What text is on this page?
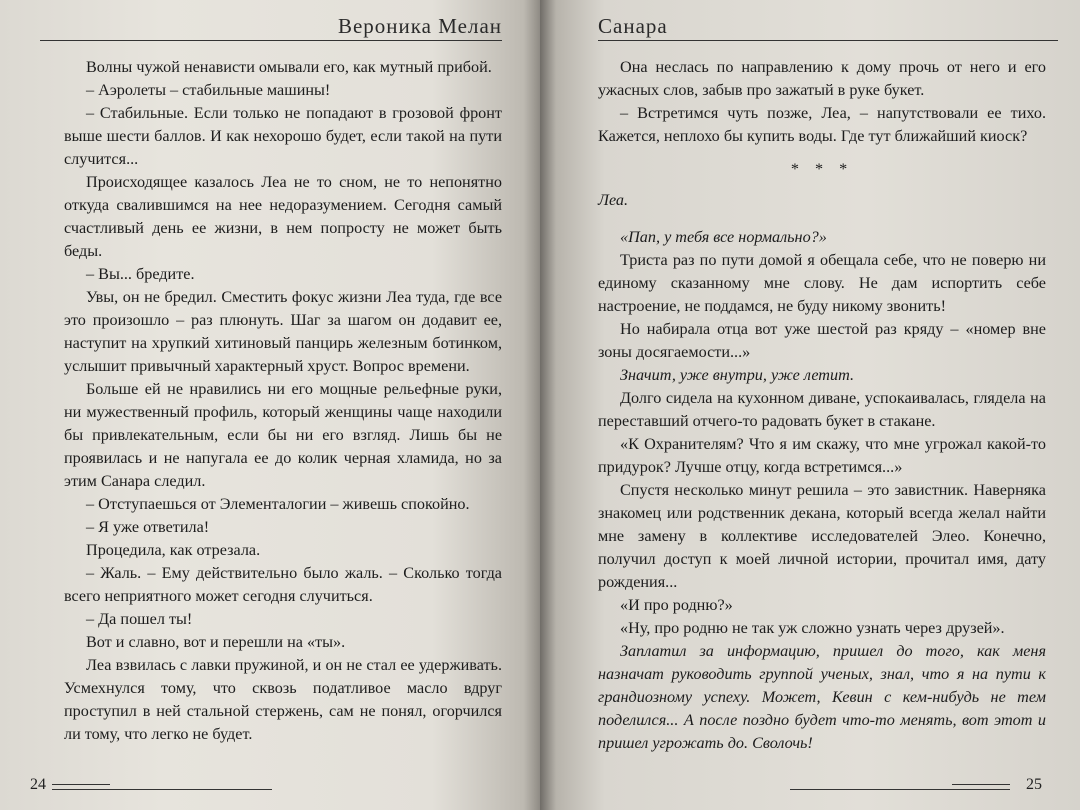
Вероника Мелан

Волны чужой ненависти омывали его, как мутный прибой.

– Аэролеты – стабильные машины!

– Стабильные. Если только не попадают в грозовой фронт выше шести баллов. И как нехорошо будет, если такой на пути случится...

Происходящее казалось Леа не то сном, не то непонятно откуда свалившимся на нее недоразумением. Сегодня самый счастливый день ее жизни, в нем попросту не может быть беды.

– Вы... бредите.

Увы, он не бредил. Сместить фокус жизни Леа туда, где все это произошло – раз плюнуть. Шаг за шагом он додавит ее, наступит на хрупкий хитиновый панцирь железным ботинком, услышит привычный характерный хруст. Вопрос времени.

Больше ей не нравились ни его мощные рельефные руки, ни мужественный профиль, который женщины чаще находили бы привлекательным, если бы ни его взгляд. Лишь бы не проявилась и не напугала ее до колик черная хламида, но за этим Санара следил.

– Отступаешься от Элементалогии – живешь спокойно.

– Я уже ответила!

Процедила, как отрезала.

– Жаль. – Ему действительно было жаль. – Сколько тогда всего неприятного может сегодня случиться.

– Да пошел ты!

Вот и славно, вот и перешли на «ты».

Леа взвилась с лавки пружиной, и он не стал ее удерживать. Усмехнулся тому, что сквозь податливое масло вдруг проступил в ней стальной стержень, сам не понял, огорчился ли тому, что легко не будет.

24
Санара

Она неслась по направлению к дому прочь от него и его ужасных слов, забыв про зажатый в руке букет.

– Встретимся чуть позже, Леа, – напутствовали ее тихо. Кажется, неплохо бы купить воды. Где тут ближайший киоск?

* * *

Леа.

«Пап, у тебя все нормально?»

Триста раз по пути домой я обещала себе, что не поверю ни единому сказанному мне слову. Не дам испортить себе настроение, не поддамся, не буду никому звонить!

Но набирала отца вот уже шестой раз кряду – «номер вне зоны досягаемости...»

Значит, уже внутри, уже летит.

Долго сидела на кухонном диване, успокаивалась, глядела на переставший отчего-то радовать букет в стакане.

«К Охранителям? Что я им скажу, что мне угрожал какой-то придурок? Лучше отцу, когда встретимся...»

Спустя несколько минут решила – это завистник. Наверняка знакомец или родственник декана, который всегда желал найти мне замену в коллективе исследователей Элео. Конечно, получил доступ к моей личной истории, прочитал имя, дату рождения...

«И про родню?»

«Ну, про родню не так уж сложно узнать через друзей».

Заплатил за информацию, пришел до того, как меня назначат руководить группой ученых, знал, что я на пути к грандиозному успеху. Может, Кевин с кем-нибудь не тем поделился... А после поздно будет что-то менять, вот этот и пришел угрожать до. Сволочь!

25
